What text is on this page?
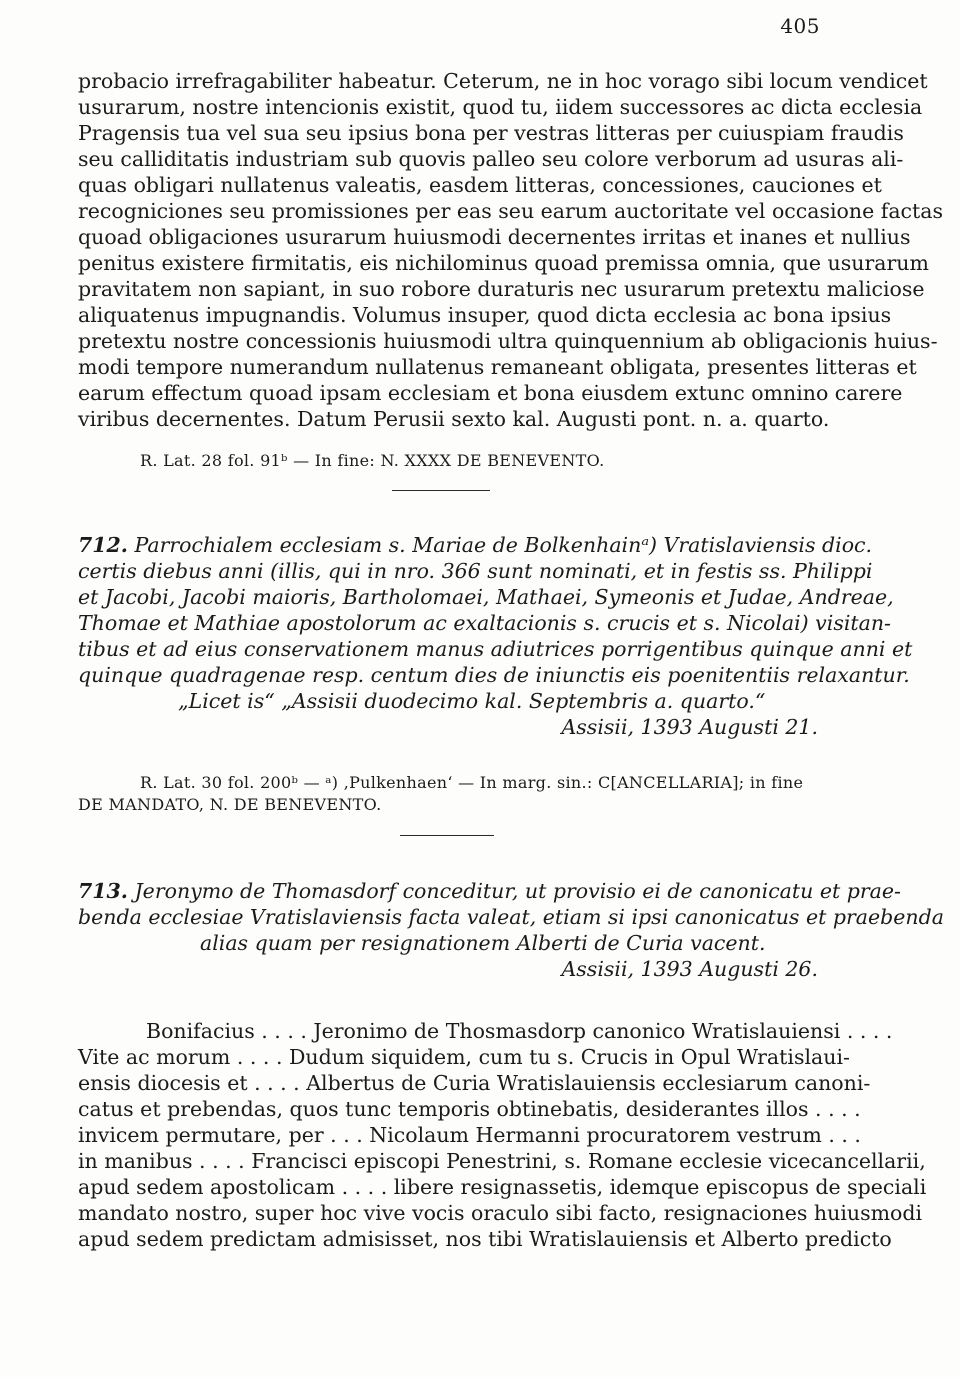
405
probacio irrefragabiliter habeatur. Ceterum, ne in hoc vorago sibi locum vendicet
usurarum, nostre intencionis existit, quod tu, iidem successores ac dicta ecclesia
Pragensis tua vel sua seu ipsius bona per vestras litteras per cuiuspiam fraudis
seu calliditatis industriam sub quovis palleo seu colore verborum ad usuras ali-
quas obligari nullatenus valeatis, easdem litteras, concessiones, cauciones et
recogniciones seu promissiones per eas seu earum auctoritate vel occasione factas
quoad obligaciones usurarum huiusmodi decernentes irritas et inanes et nullius
penitus existere firmitatis, eis nichilominus quoad premissa omnia, que usurarum
pravitatem non sapiant, in suo robore duraturis nec usurarum pretextu maliciose
aliquatenus impugnandis. Volumus insuper, quod dicta ecclesia ac bona ipsius
pretextu nostre concessionis huiusmodi ultra quinquennium ab obligacionis huius-
modi tempore numerandum nullatenus remaneant obligata, presentes litteras et
earum effectum quoad ipsam ecclesiam et bona eiusdem extunc omnino carere
viribus decernentes. Datum Perusii sexto kal. Augusti pont. n. a. quarto.
R. Lat. 28 fol. 91ᵇ — In fine: N. XXXX DE BENEVENTO.
712. Parrochialem ecclesiam s. Mariae de Bolkenhainᵃ) Vratislaviensis dioc.
certis diebus anni (illis, qui in nro. 366 sunt nominati, et in festis ss. Philippi
et Jacobi, Jacobi maioris, Bartholomaei, Mathaei, Symeonis et Judae, Andreae,
Thomae et Mathiae apostolorum ac exaltacionis s. crucis et s. Nicolai) visitan-
tibus et ad eius conservationem manus adiutrices porrigentibus quinque anni et
quinque quadragenae resp. centum dies de iniunctis eis poenitentiis relaxantur.
„Licet is“ „Assisii duodecimo kal. Septembris a. quarto.“
Assisii, 1393 Augusti 21.
R. Lat. 30 fol. 200ᵇ — ᵃ) ‚Pulkenhaen‘ — In marg. sin.: C[ANCELLARIA]; in fine
DE MANDATO, N. DE BENEVENTO.
713. Jeronymo de Thomasdorf conceditur, ut provisio ei de canonicatu et prae-
benda ecclesiae Vratislaviensis facta valeat, etiam si ipsi canonicatus et praebenda
alias quam per resignationem Alberti de Curia vacent.
Assisii, 1393 Augusti 26.
Bonifacius . . . . Jeronimo de Thosmasdorp canonico Wratislauiensi . . . .
Vite ac morum . . . . Dudum siquidem, cum tu s. Crucis in Opul Wratislaui-
ensis diocesis et . . . . Albertus de Curia Wratislauiensis ecclesiarum canoni-
catus et prebendas, quos tunc temporis obtinebatis, desiderantes illos . . . .
invicem permutare, per . . . Nicolaum Hermanni procuratorem vestrum . . .
in manibus . . . . Francisci episcopi Penestrini, s. Romane ecclesie vicecancellarii,
apud sedem apostolicam . . . . libere resignassetis, idemque episcopus de speciali
mandato nostro, super hoc vive vocis oraculo sibi facto, resignaciones huiusmodi
apud sedem predictam admisisset, nos tibi Wratislauiensis et Alberto predicto
